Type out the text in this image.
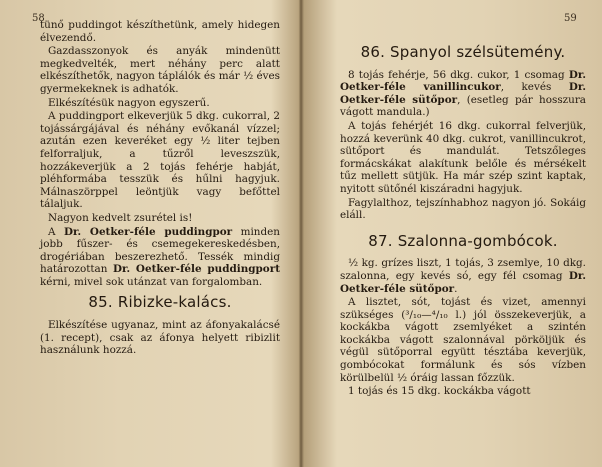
58

tünő puddingot készíthetünk, amely hidegen élvezendő.

Gazdasszonyok és anyák mindenütt megkedvelték, mert néhány perc alatt elkészíthetők, nagyon táplálók és már ½ éves gyermekeknek is adhatók.

Elkészítésük nagyon egyszerű.

A puddingport elkeverjük 5 dkg. cukorral, 2 tojássárgájával és néhány evőkanál vízzel; azután ezen keveréket egy ½ liter tejben felforraljuk, a tűzről leveszszük, hozzákeverjük a 2 tojás fehérje habját, pléhformába tesszük és hűlni hagyjuk. Málnaszörppel leöntjük vagy befőttel tálaljuk.

Nagyon kedvelt zsurétel is!

A Dr. Oetker-féle puddingpor minden jobb fűszer- és csemegekereskedésben, drogériában beszerezhető. Tessék mindig határozottan Dr. Oetker-féle puddingport kérni, mivel sok utánzat van forgalomban.

85. Ribizke-kalács.

Elkészítése ugyanaz, mint az áfonyakalácsé (1. recept), csak az áfonya helyett ribizlit használunk hozzá.

59
86. Spanyol szélsütemény.

8 tojás fehérje, 56 dkg. cukor, 1 csomag Dr. Oetker-féle vanillincukor, kevés Dr. Oetker-féle sütőpor, (esetleg pár hosszura vágott mandula.)

A tojás fehérjét 16 dkg. cukorral felverjük, hozzá keverünk 40 dkg. cukrot, vanillincukrot, sütőport és mandulát. Tetszőleges formácskákat alakítunk belőle és mérsékelt tűz mellett sütjük. Ha már szép szint kaptak, nyitott sütőnél kiszáradni hagyjuk.

Fagylalthoz, tejszínhabhoz nagyon jó. Sokáig eláll.

87. Szalonna-gombócok.

½ kg. grízes liszt, 1 tojás, 3 zsemlye, 10 dkg. szalonna, egy kevés só, egy fél csomag Dr. Oetker-féle sütőpor.

A lisztet, sót, tojást és vizet, amennyi szükséges (³/₁₀—⁴/₁₀ l.) jól összekeverjük, a kockákba vágott zsemlyéket a szintén kockákba vágott szalonnával pörköljük és végül sütőporral együtt tésztába keverjük, gombócokat formálunk és sós vízben körülbelül ½ óráig lassan főzzük.

1 tojás és 15 dkg. kockákba vágott
